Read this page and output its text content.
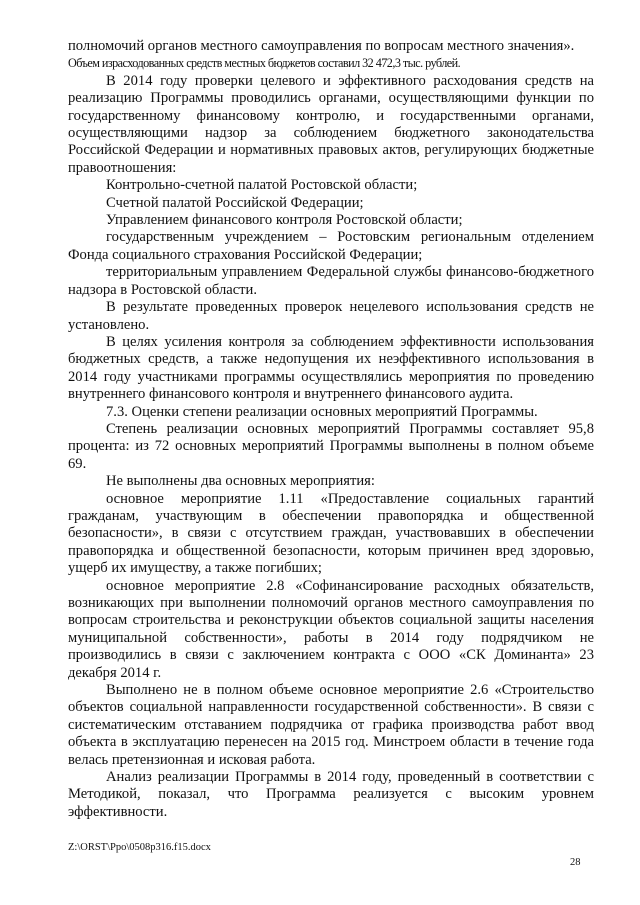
полномочий органов местного самоуправления по вопросам местного значения».

Объем израсходованных средств местных бюджетов составил 32 472,3 тыс. рублей.

В 2014 году проверки целевого и эффективного расходования средств на реализацию Программы проводились органами, осуществляющими функции по государственному финансовому контролю, и государственными органами, осуществляющими надзор за соблюдением бюджетного законодательства Российской Федерации и нормативных правовых актов, регулирующих бюджетные правоотношения:

Контрольно-счетной палатой Ростовской области;

Счетной палатой Российской Федерации;

Управлением финансового контроля Ростовской области;

государственным учреждением – Ростовским региональным отделением Фонда социального страхования Российской Федерации;

территориальным управлением Федеральной службы финансово-бюджетного надзора в Ростовской области.

В результате проведенных проверок нецелевого использования средств не установлено.

В целях усиления контроля за соблюдением эффективности использования бюджетных средств, а также недопущения их неэффективного использования в 2014 году участниками программы осуществлялись мероприятия по проведению внутреннего финансового контроля и внутреннего финансового аудита.

7.3. Оценки степени реализации основных мероприятий Программы.

Степень реализации основных мероприятий Программы составляет 95,8 процента: из 72 основных мероприятий Программы выполнены в полном объеме 69.

Не выполнены два основных мероприятия:

основное мероприятие 1.11 «Предоставление социальных гарантий гражданам, участвующим в обеспечении правопорядка и общественной безопасности», в связи с отсутствием граждан, участвовавших в обеспечении правопорядка и общественной безопасности, которым причинен вред здоровью, ущерб их имуществу, а также погибших;

основное мероприятие 2.8 «Софинансирование расходных обязательств, возникающих при выполнении полномочий органов местного самоуправления по вопросам строительства и реконструкции объектов социальной защиты населения муниципальной собственности», работы в 2014 году подрядчиком не производились в связи с заключением контракта с ООО «СК Доминанта» 23 декабря 2014 г.

Выполнено не в полном объеме основное мероприятие 2.6 «Строительство объектов социальной направленности государственной собственности». В связи с систематическим отставанием подрядчика от графика производства работ ввод объекта в эксплуатацию перенесен на 2015 год. Минстроем области в течение года велась претензионная и исковая работа.

Анализ реализации Программы в 2014 году, проведенный в соответствии с Методикой, показал, что Программа реализуется с высоким уровнем эффективности.

Z:\ORST\Ppo\0508p316.f15.docx
28
